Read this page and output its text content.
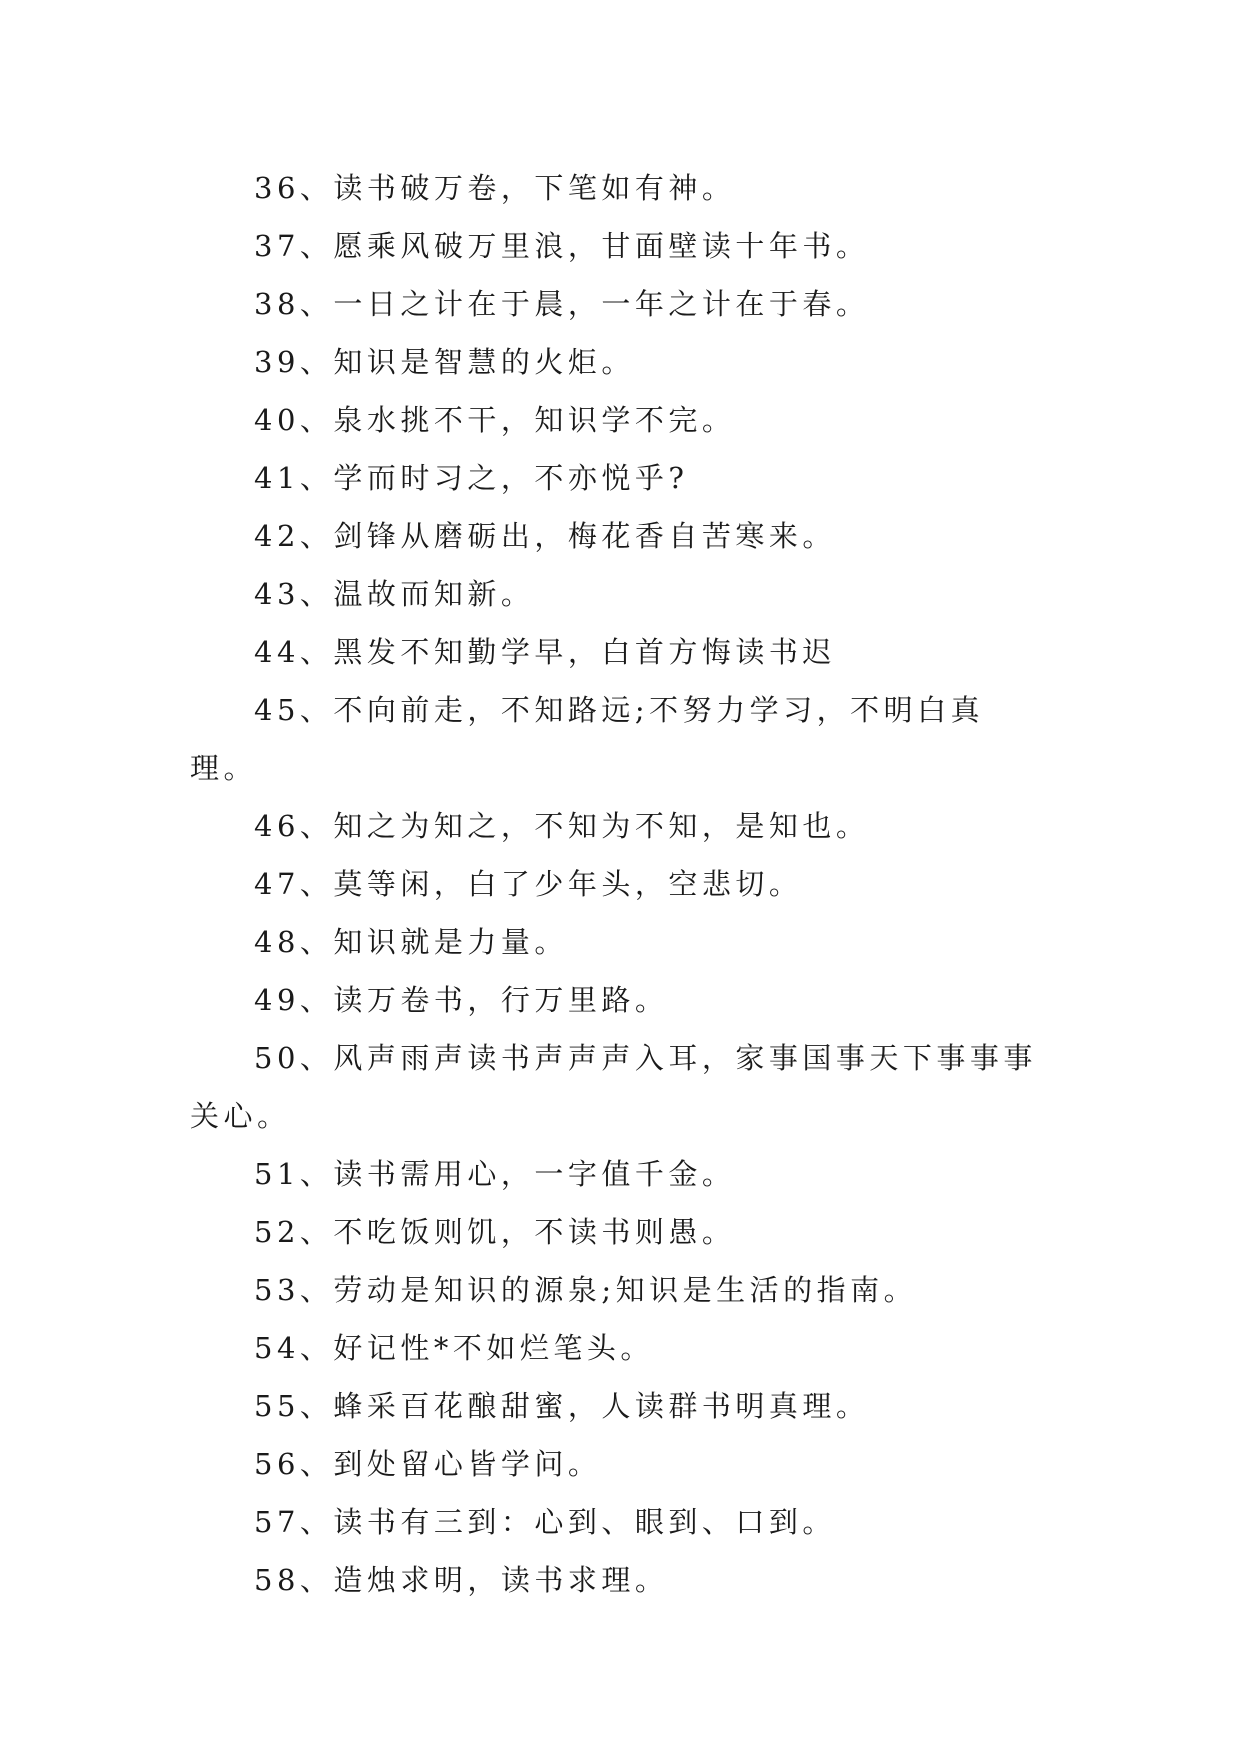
36、读书破万卷，下笔如有神。

37、愿乘风破万里浪，甘面壁读十年书。

38、一日之计在于晨，一年之计在于春。

39、知识是智慧的火炬。

40、泉水挑不干，知识学不完。

41、学而时习之，不亦悦乎?

42、剑锋从磨砺出，梅花香自苦寒来。

43、温故而知新。

44、黑发不知勤学早，白首方悔读书迟

45、不向前走，不知路远;不努力学习，不明白真理。

46、知之为知之，不知为不知，是知也。

47、莫等闲，白了少年头，空悲切。

48、知识就是力量。

49、读万卷书，行万里路。

50、风声雨声读书声声声入耳，家事国事天下事事事关心。

51、读书需用心，一字值千金。

52、不吃饭则饥，不读书则愚。

53、劳动是知识的源泉;知识是生活的指南。

54、好记性*不如烂笔头。

55、蜂采百花酿甜蜜，人读群书明真理。

56、到处留心皆学问。

57、读书有三到：心到、眼到、口到。

58、造烛求明，读书求理。
